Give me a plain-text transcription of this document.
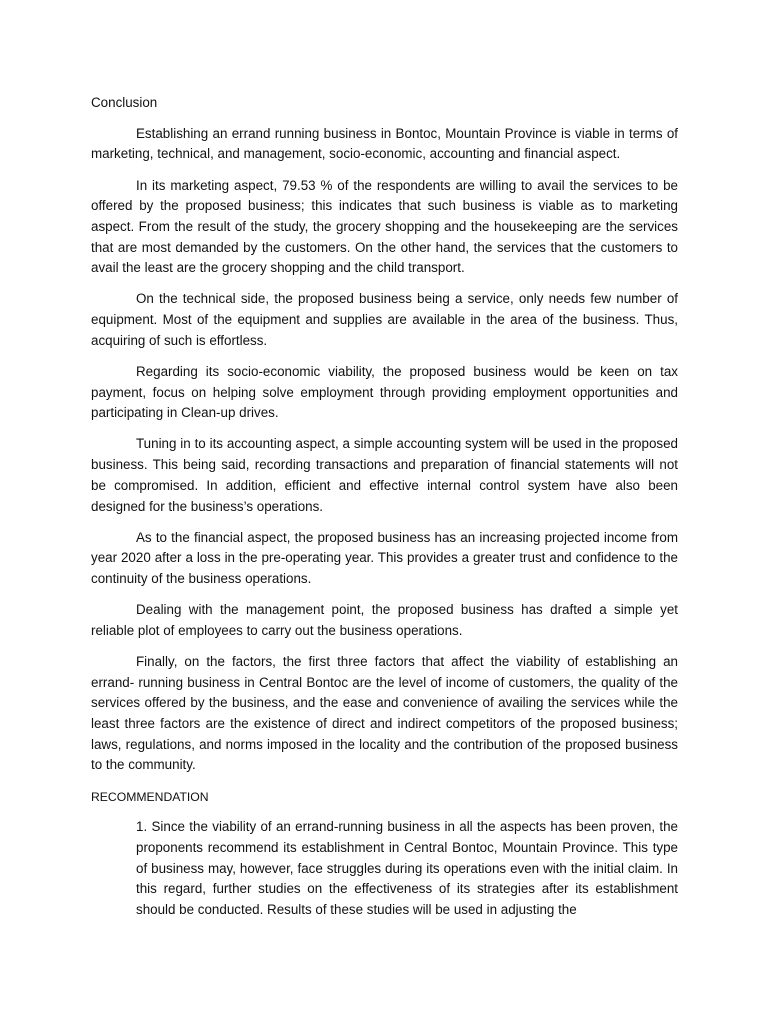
Conclusion

Establishing an errand running business in Bontoc, Mountain Province is viable in terms of marketing, technical, and management, socio-economic, accounting and financial aspect.

In its marketing aspect, 79.53 % of the respondents are willing to avail the services to be offered by the proposed business; this indicates that such business is viable as to marketing aspect. From the result of the study, the grocery shopping and the housekeeping are the services that are most demanded by the customers. On the other hand, the services that the customers to avail the least are the grocery shopping and the child transport.

On the technical side, the proposed business being a service, only needs few number of equipment. Most of the equipment and supplies are available in the area of the business. Thus, acquiring of such is effortless.

Regarding its socio-economic viability, the proposed business would be keen on tax payment, focus on helping solve employment through providing employment opportunities and participating in Clean-up drives.

Tuning in to its accounting aspect, a simple accounting system will be used in the proposed business. This being said, recording transactions and preparation of financial statements will not be compromised. In addition, efficient and effective internal control system have also been designed for the business’s operations.

As to the financial aspect, the proposed business has an increasing projected income from year 2020 after a loss in the pre-operating year. This provides a greater trust and confidence to the continuity of the business operations.

Dealing with the management point, the proposed business has drafted a simple yet reliable plot of employees to carry out the business operations.

Finally, on the factors, the first three factors that affect the viability of establishing an errand- running business in Central Bontoc are the level of income of customers, the quality of the services offered by the business, and the ease and convenience of availing the services while the least three factors are the existence of direct and indirect competitors of the proposed business; laws, regulations, and norms imposed in the locality and the contribution of the proposed business to the community.

RECOMMENDATION

1. Since the viability of an errand-running business in all the aspects has been proven, the proponents recommend its establishment in Central Bontoc, Mountain Province. This type of business may, however, face struggles during its operations even with the initial claim. In this regard, further studies on the effectiveness of its strategies after its establishment should be conducted. Results of these studies will be used in adjusting the
